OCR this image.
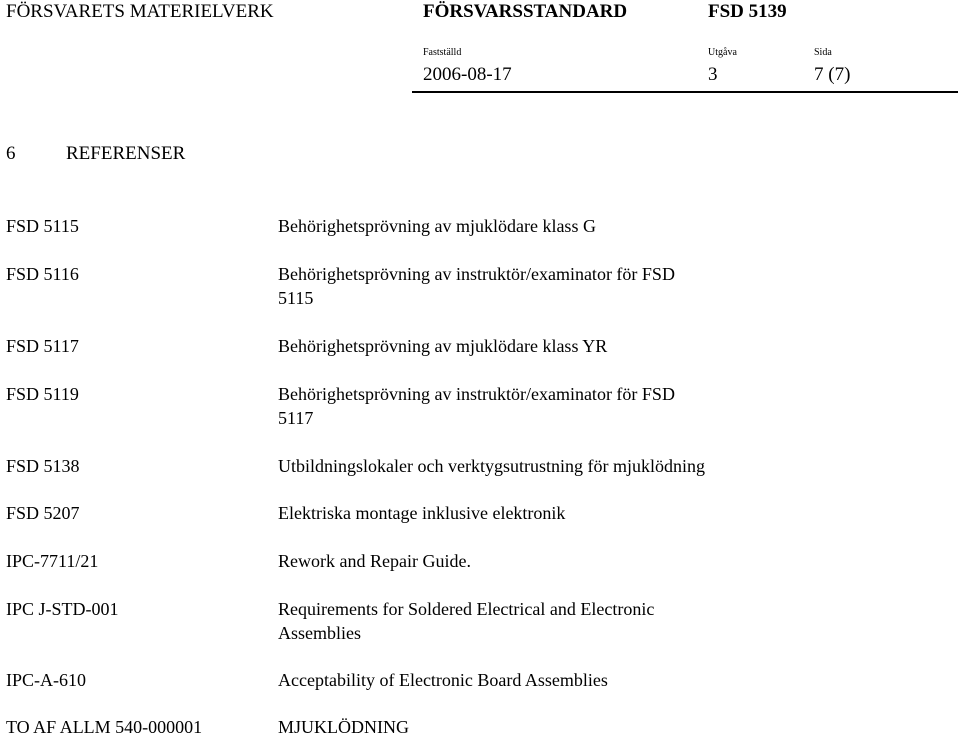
FÖRSVARETS MATERIELVERK	FÖRSVARSSTANDARD	FSD 5139
Fastställd	Utgåva	Sida
2006-08-17	3	7 (7)
6	REFERENSER
FSD 5115	Behörighetsprövning av mjuklödare klass G
FSD 5116	Behörighetsprövning av instruktör/examinator för FSD 5115
FSD 5117	Behörighetsprövning av mjuklödare klass YR
FSD 5119	Behörighetsprövning av instruktör/examinator för FSD 5117
FSD 5138	Utbildningslokaler och verktygsutrustning för mjuklödning
FSD 5207	Elektriska montage inklusive elektronik
IPC-7711/21	Rework and Repair Guide.
IPC J-STD-001	Requirements for Soldered Electrical and Electronic Assemblies
IPC-A-610	Acceptability of Electronic Board Assemblies
TO AF ALLM 540-000001	MJUKLÖDNING
